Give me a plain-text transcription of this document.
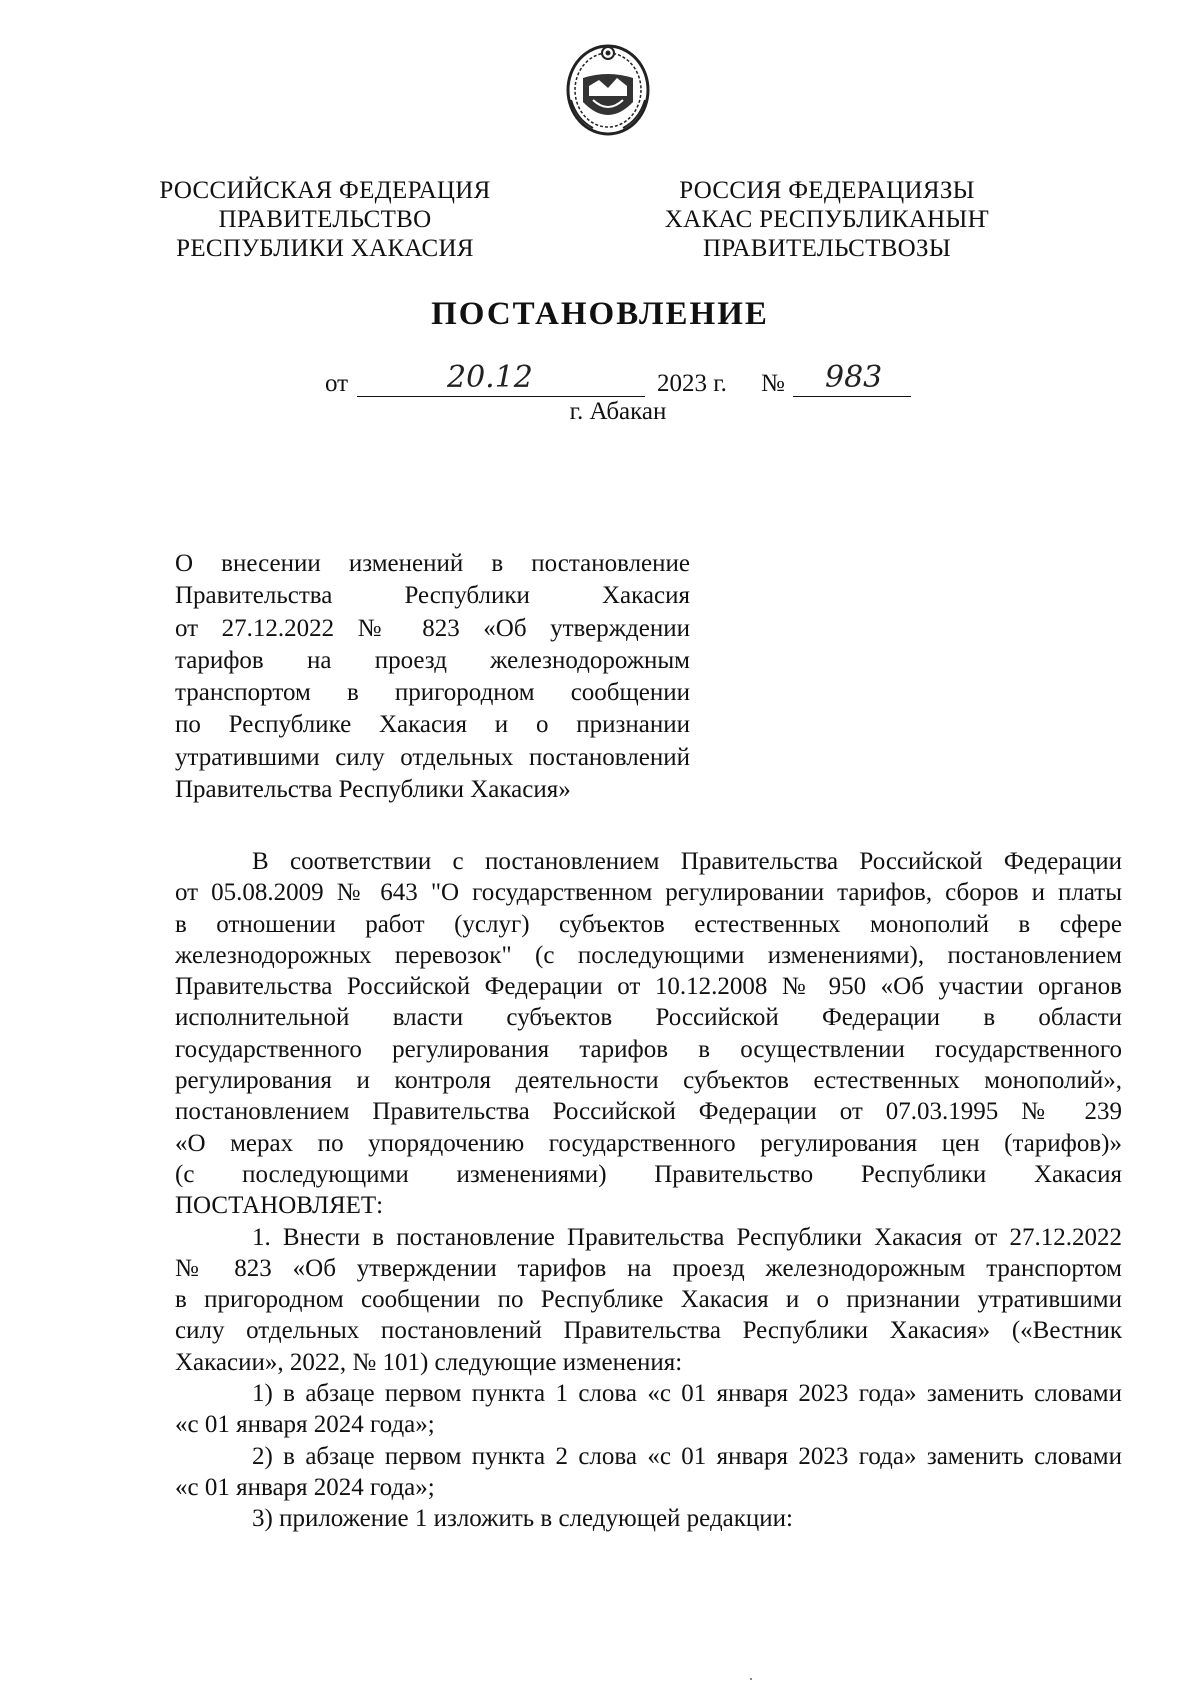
РОССИЙСКАЯ ФЕДЕРАЦИЯ
ПРАВИТЕЛЬСТВО
РЕСПУБЛИКИ ХАКАСИЯ
РОССИЯ ФЕДЕРАЦИЯЗЫ
ХАКАС РЕСПУБЛИКАНЫҤ
ПРАВИТЕЛЬСТВОЗЫ
ПОСТАНОВЛЕНИЕ
от	20.12	2023 г. № 983
г. Абакан
О внесении изменений в постановление
Правительства Республики Хакасия
от 27.12.2022 № 823 «Об утверждении
тарифов на проезд железнодорожным
транспортом в пригородном сообщении
по Республике Хакасия и о признании
утратившими силу отдельных постановлений
Правительства Республики Хакасия»
В соответствии с постановлением Правительства Российской Федерации
от 05.08.2009 № 643 "О государственном регулировании тарифов, сборов и платы
в отношении работ (услуг) субъектов естественных монополий в сфере
железнодорожных перевозок" (с последующими изменениями), постановлением
Правительства Российской Федерации от 10.12.2008 № 950 «Об участии органов
исполнительной власти субъектов Российской Федерации в области
государственного регулирования тарифов в осуществлении государственного
регулирования и контроля деятельности субъектов естественных монополий»,
постановлением Правительства Российской Федерации от 07.03.1995 № 239
«О мерах по упорядочению государственного регулирования цен (тарифов)»
(с последующими изменениями) Правительство Республики Хакасия
ПОСТАНОВЛЯЕТ:
1. Внести в постановление Правительства Республики Хакасия от 27.12.2022
№ 823 «Об утверждении тарифов на проезд железнодорожным транспортом
в пригородном сообщении по Республике Хакасия и о признании утратившими
силу отдельных постановлений Правительства Республики Хакасия» («Вестник
Хакасии», 2022, № 101) следующие изменения:
1) в абзаце первом пункта 1 слова «с 01 января 2023 года» заменить словами
«с 01 января 2024 года»;
2) в абзаце первом пункта 2 слова «с 01 января 2023 года» заменить словами
«с 01 января 2024 года»;
3) приложение 1 изложить в следующей редакции:
